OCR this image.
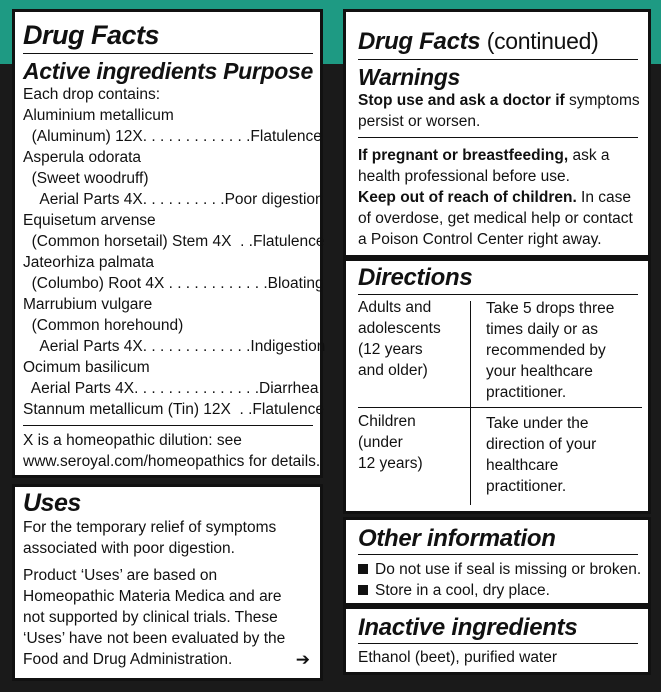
Drug Facts
Active ingredients Purpose
Each drop contains:
Aluminium metallicum
(Aluminum) 12X. . . . . . . . . . . . . Flatulence
Asperula odorata
(Sweet woodruff)
Aerial Parts 4X. . . . . . . . . . Poor digestion
Equisetum arvense
(Common horsetail) Stem 4X  . . Flatulence
Jateorhiza palmata
(Columbo) Root 4X . . . . . . . . . . . . Bloating
Marrubium vulgare
(Common horehound)
Aerial Parts 4X. . . . . . . . . . . . . Indigestion
Ocimum basilicum
Aerial Parts 4X. . . . . . . . . . . . . . . Diarrhea
Stannum metallicum (Tin) 12X  . . Flatulence
X is a homeopathic dilution: see
www.seroyal.com/homeopathics for details.
Uses
For the temporary relief of symptoms
associated with poor digestion.
Product ‘Uses’ are based on
Homeopathic Materia Medica and are
not supported by clinical trials. These
‘Uses’ have not been evaluated by the
Food and Drug Administration.	➔
Drug Facts (continued)
Warnings
Stop use and ask a doctor if symptoms
persist or worsen.
If pregnant or breastfeeding, ask a
health professional before use.
Keep out of reach of children. In case
of overdose, get medical help or contact
a Poison Control Center right away.
Directions
Adults and
adolescents
(12 years
and older)
Take 5 drops three
times daily or as
recommended by
your healthcare
practitioner.
Children
(under
12 years)
Take under the
direction of your
healthcare
practitioner.
Other information
Do not use if seal is missing or broken.
Store in a cool, dry place.
Inactive ingredients
Ethanol (beet), purified water
